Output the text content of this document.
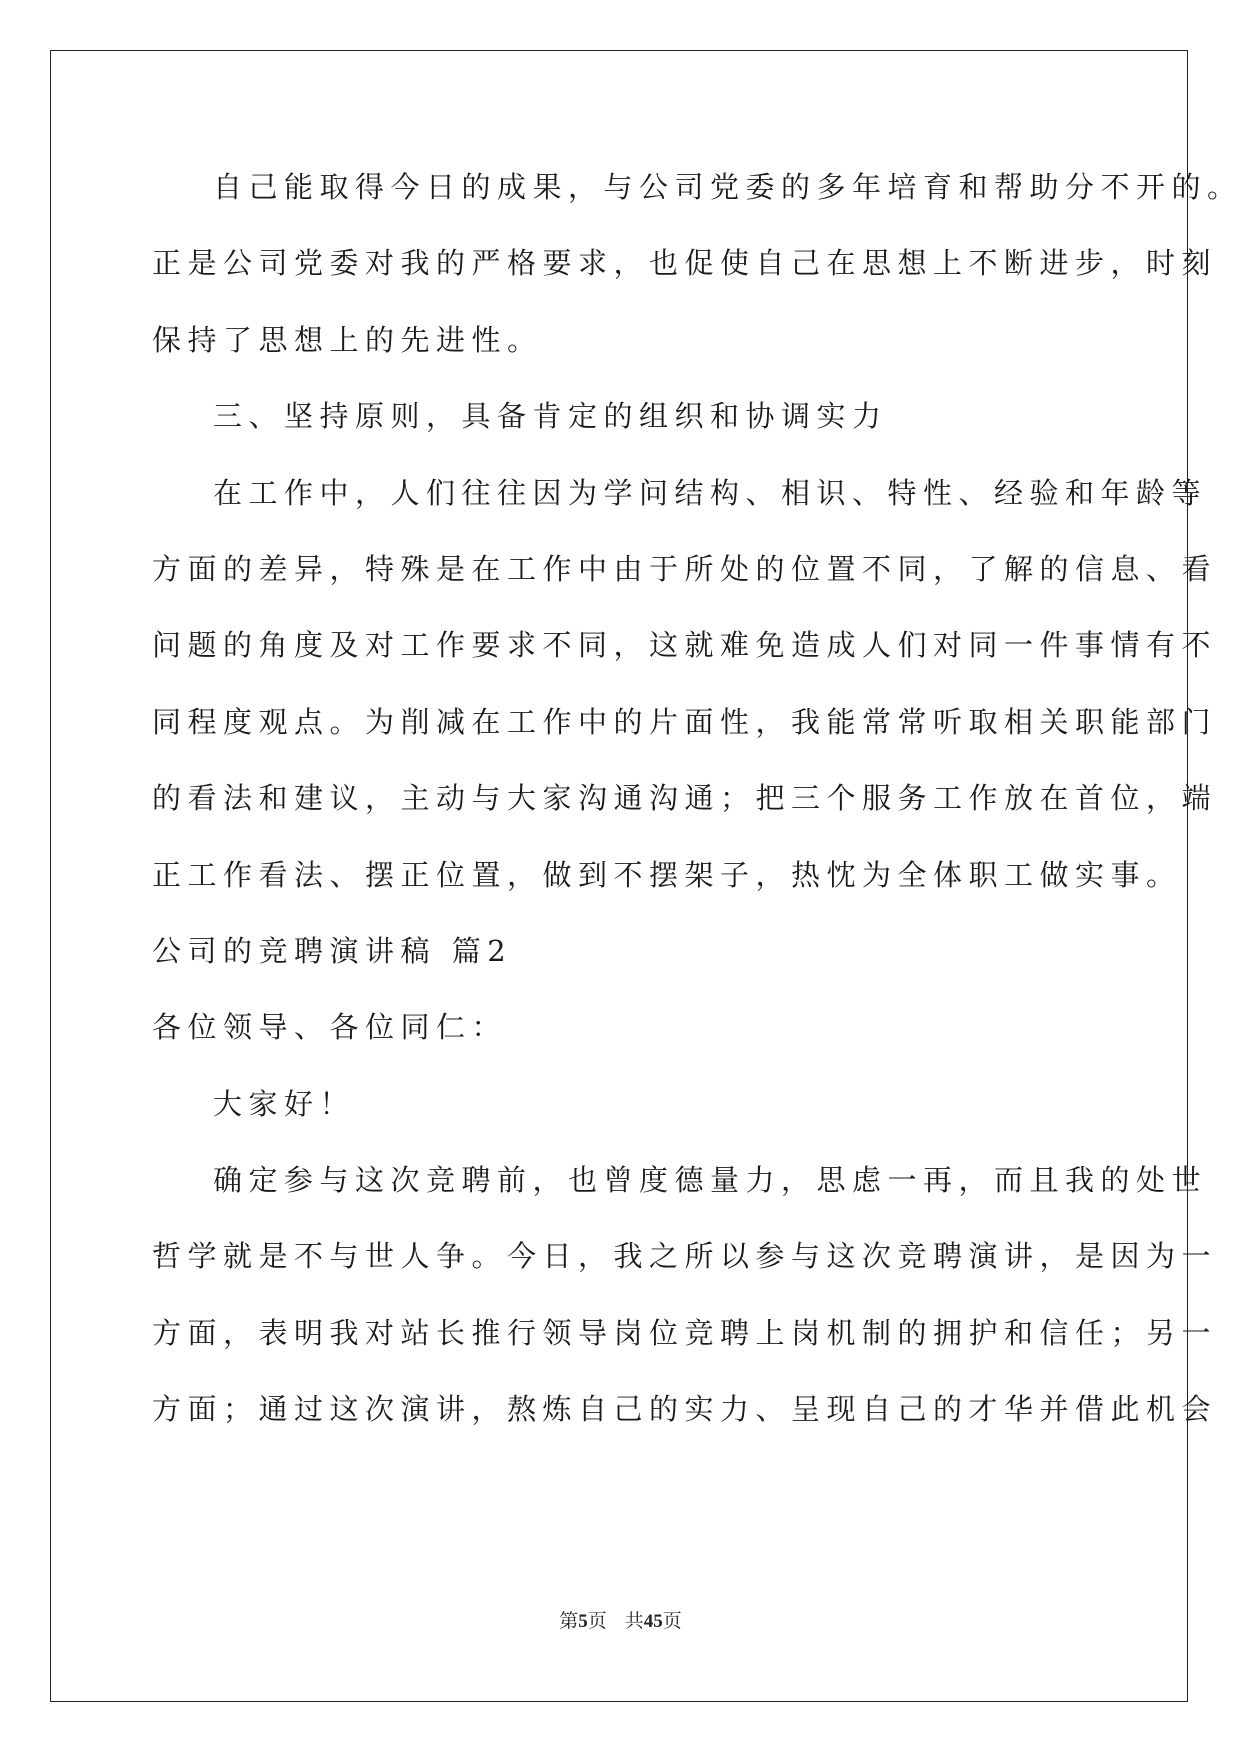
自己能取得今日的成果，与公司党委的多年培育和帮助分不开的。
正是公司党委对我的严格要求，也促使自己在思想上不断进步，时刻
保持了思想上的先进性。
三、坚持原则，具备肯定的组织和协调实力
在工作中，人们往往因为学问结构、相识、特性、经验和年龄等
方面的差异，特殊是在工作中由于所处的位置不同，了解的信息、看
问题的角度及对工作要求不同，这就难免造成人们对同一件事情有不
同程度观点。为削减在工作中的片面性，我能常常听取相关职能部门
的看法和建议，主动与大家沟通沟通；把三个服务工作放在首位，端
正工作看法、摆正位置，做到不摆架子，热忱为全体职工做实事。
公司的竞聘演讲稿 篇2
各位领导、各位同仁：
大家好！
确定参与这次竞聘前，也曾度德量力，思虑一再，而且我的处世
哲学就是不与世人争。今日，我之所以参与这次竞聘演讲，是因为一
方面，表明我对站长推行领导岗位竞聘上岗机制的拥护和信任；另一
方面；通过这次演讲，熬炼自己的实力、呈现自己的才华并借此机会
第5页 共45页
